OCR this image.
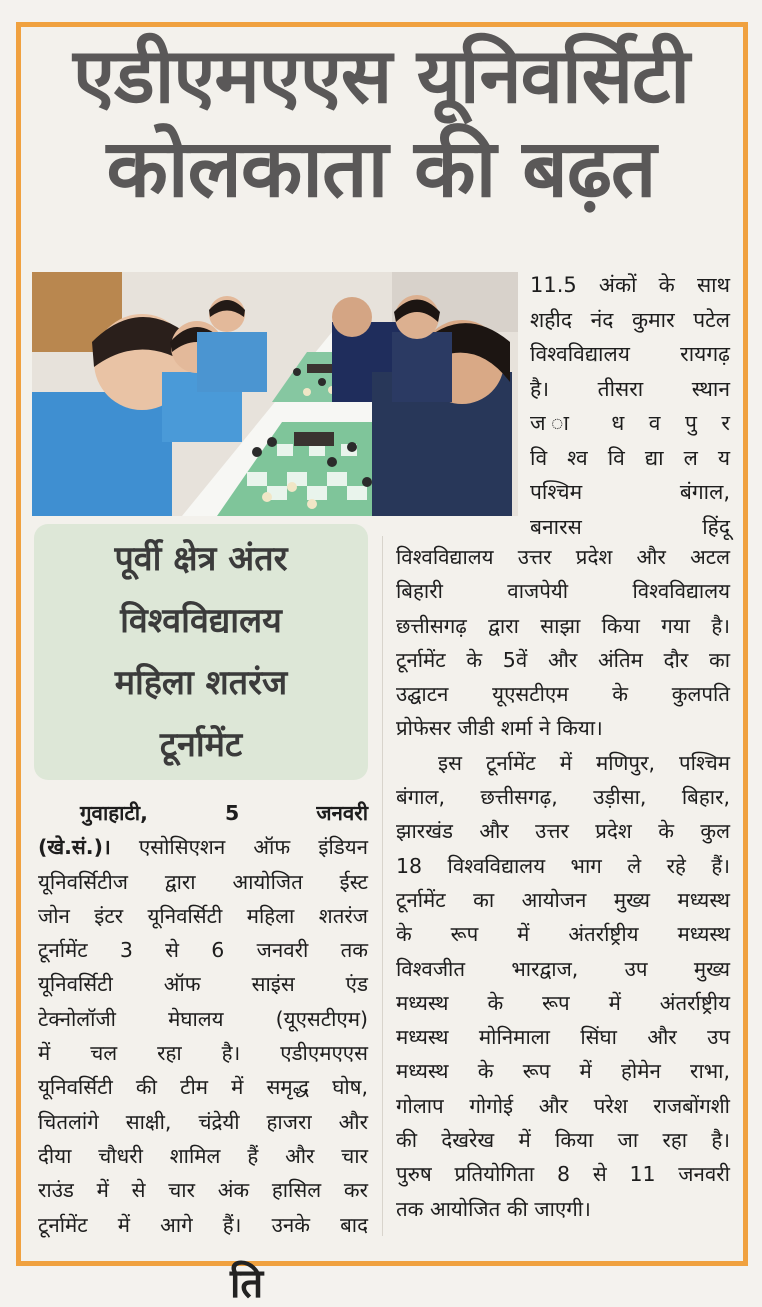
एडीएमएएस यूनिवर्सिटी
कोलकाता की बढ़त
11.5 अंकों के साथ
शहीद नंद कुमार पटेल
विश्वविद्यालय रायगढ़
है। तीसरा स्थान
ज ा ध व पु र
वि श्व वि द्या ल य
पश्चिम बंगाल,
बनारस हिंदू
पूर्वी क्षेत्र अंतर
विश्वविद्यालय
महिला शतरंज
टूर्नामेंट
विश्वविद्यालय उत्तर प्रदेश और अटल
बिहारी वाजपेयी विश्वविद्यालय
छत्तीसगढ़ द्वारा साझा किया गया है।
टूर्नामेंट के 5वें और अंतिम दौर का
उद्घाटन यूएसटीएम के कुलपति
प्रोफेसर जीडी शर्मा ने किया।
इस टूर्नामेंट में मणिपुर, पश्चिम
बंगाल, छत्तीसगढ़, उड़ीसा, बिहार,
झारखंड और उत्तर प्रदेश के कुल
18 विश्वविद्यालय भाग ले रहे हैं।
टूर्नामेंट का आयोजन मुख्य मध्यस्थ
के रूप में अंतर्राष्ट्रीय मध्यस्थ
विश्वजीत भारद्वाज, उप मुख्य
मध्यस्थ के रूप में अंतर्राष्ट्रीय
मध्यस्थ मोनिमाला सिंघा और उप
मध्यस्थ के रूप में होमेन राभा,
गोलाप गोगोई और परेश राजबोंगशी
की देखरेख में किया जा रहा है।
पुरुष प्रतियोगिता 8 से 11 जनवरी
तक आयोजित की जाएगी।
गुवाहाटी, 5 जनवरी
(खे.सं.)। एसोसिएशन ऑफ इंडियन
यूनिवर्सिटीज द्वारा आयोजित ईस्ट
जोन इंटर यूनिवर्सिटी महिला शतरंज
टूर्नामेंट 3 से 6 जनवरी तक
यूनिवर्सिटी ऑफ साइंस एंड
टेक्नोलॉजी मेघालय (यूएसटीएम)
में चल रहा है। एडीएमएएस
यूनिवर्सिटी की टीम में समृद्ध घोष,
चितलांगे साक्षी, चंद्रेयी हाजरा और
दीया चौधरी शामिल हैं और चार
राउंड में से चार अंक हासिल कर
टूर्नामेंट में आगे हैं। उनके बाद
ति
